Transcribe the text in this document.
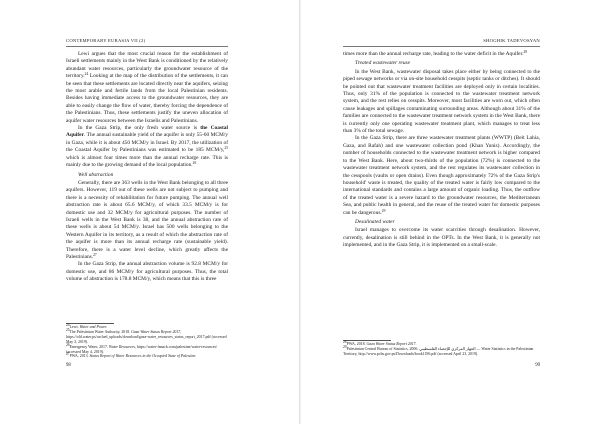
CONTEMPORARY EURASIA VII (2)

Lewi argues that the most crucial reason for the establishment of Israeli settlements mainly in the West Bank is conditioned by the relatively abundant water resources, particularly the groundwater resource of the territory.$^{24}$ Looking at the map of the distribution of the settlements, it can be seen that these settlements are located directly near the aquifers, seizing the most arable and fertile lands from the local Palestinian residents. Besides having immediate access to the groundwater resources, they are able to easily change the flow of water, thereby forcing the dependence of the Palestinians. Thus, these settlements justify the uneven allocation of aquifer water resources between the Israelis and Palestinians.

In the Gaza Strip, the only fresh water source is the Coastal Aquifer. The annual sustainable yield of the aquifer is only 55-60 MCM/y in Gaza, while it is about 450 MCM/y in Israel. By 2017, the utilization of the Coastal Aquifer by Palestinians was estimated to be 185 MCM/y,$^{25}$ which is almost four times more than the annual recharge rate. This is mainly due to the growing demand of the local population.$^{26}$

Well abstraction

Generally, there are 363 wells in the West Bank belonging to all three aquifers. However, 119 out of these wells are not subject to pumping and there is a necessity of rehabilitation for future pumping. The annual well abstraction rate is about 65.6 MCM/y, of which 33.5 MCM/y is for domestic use and 32 MCM/y for agricultural purposes. The number of Israeli wells in the West Bank is 38, and the annual abstraction rate of these wells is about 54 MCM/y. Israel has 500 wells belonging to the Western Aquifer in its territory, as a result of which the abstraction rate of the aquifer is more than its annual recharge rate (sustainable yield). Therefore, there is a water level decline, which greatly affects the Palestinians.$^{27}$

In the Gaza Strip, the annual abstraction volume is 92.8 MCM/y for domestic use, and 86 MCM/y for agricultural purposes. Thus, the total volume of abstraction is 178.8 MCM/y, which means that this is three

24Lewi, Water and Power.
25The Palestinian Water Authority, 2018. Gaza Water Status Report 2017, https://old.water.ps/cached_uploads/download/gaza-water_resources_status_report_2017.pdf (accessed May 3, 2019).
26Emergency Water, 2017. Water Resources, https://water-fanack.com/palestine/water-resources/ (accessed May 4, 2019).
27PWA, 2013. Status Report of Water Resources in the Occupied State of Palestine.
98
SHOGHIK TADEVOSYAN

times more than the annual recharge rate, leading to the water deficit in the Aquifer.$^{28}$

Treated wastewater reuse

In the West Bank, wastewater disposal takes place either by being connected to the piped sewage networks or via on-site household cesspits (septic tanks or ditches). It should be pointed out that wastewater treatment facilities are deployed only in certain localities. Thus, only 31% of the population is connected to the wastewater treatment network system, and the rest relies on cesspits. Moreover, most facilities are worn out, which often cause leakages and spillages contaminating surrounding areas. Although about 31% of the families are connected to the wastewater treatment network system in the West Bank, there is currently only one operating wastewater treatment plant, which manages to treat less than 3% of the total sewage.

In the Gaza Strip, there are three wastewater treatment plants (WWTP) (Beit Lahia, Gaza, and Rafah) and one wastewater collection pond (Khan Yunis). Accordingly, the number of households connected to the wastewater treatment network is higher compared to the West Bank. Here, about two-thirds of the population (72%) is connected to the wastewater treatment network system, and the rest regulates its wastewater collection in the cesspools (vaults or open drains). Even though approximately 72% of the Gaza Strip's household' waste is treated, the quality of the treated water is fairly low compared to the international standards and contains a large amount of organic loading. Thus, the outflow of the treated water is a severe hazard to the groundwater resources, the Mediterranean Sea, and public health in general, and the reuse of the treated water for domestic purposes can be dangerous.$^{29}$

Desalinated water

Israel manages to overcome its water scarcities through desalination. However, currently, desalination is still behind in the OPTs. In the West Bank, it is generally not implemented, and in the Gaza Strip, it is implemented on a small-scale.

28PWA, 2018. Gaza Water Status Report 2017.
29Palestinian Central Bureau of Statistics, 2006. الجهاز المركزي للإحصاء الفلسطيني — Water Statistics in the Palestinian Territory, http://www.pcbs.gov.ps/Downloads/book1196.pdf (accessed April 23, 2019).
99
